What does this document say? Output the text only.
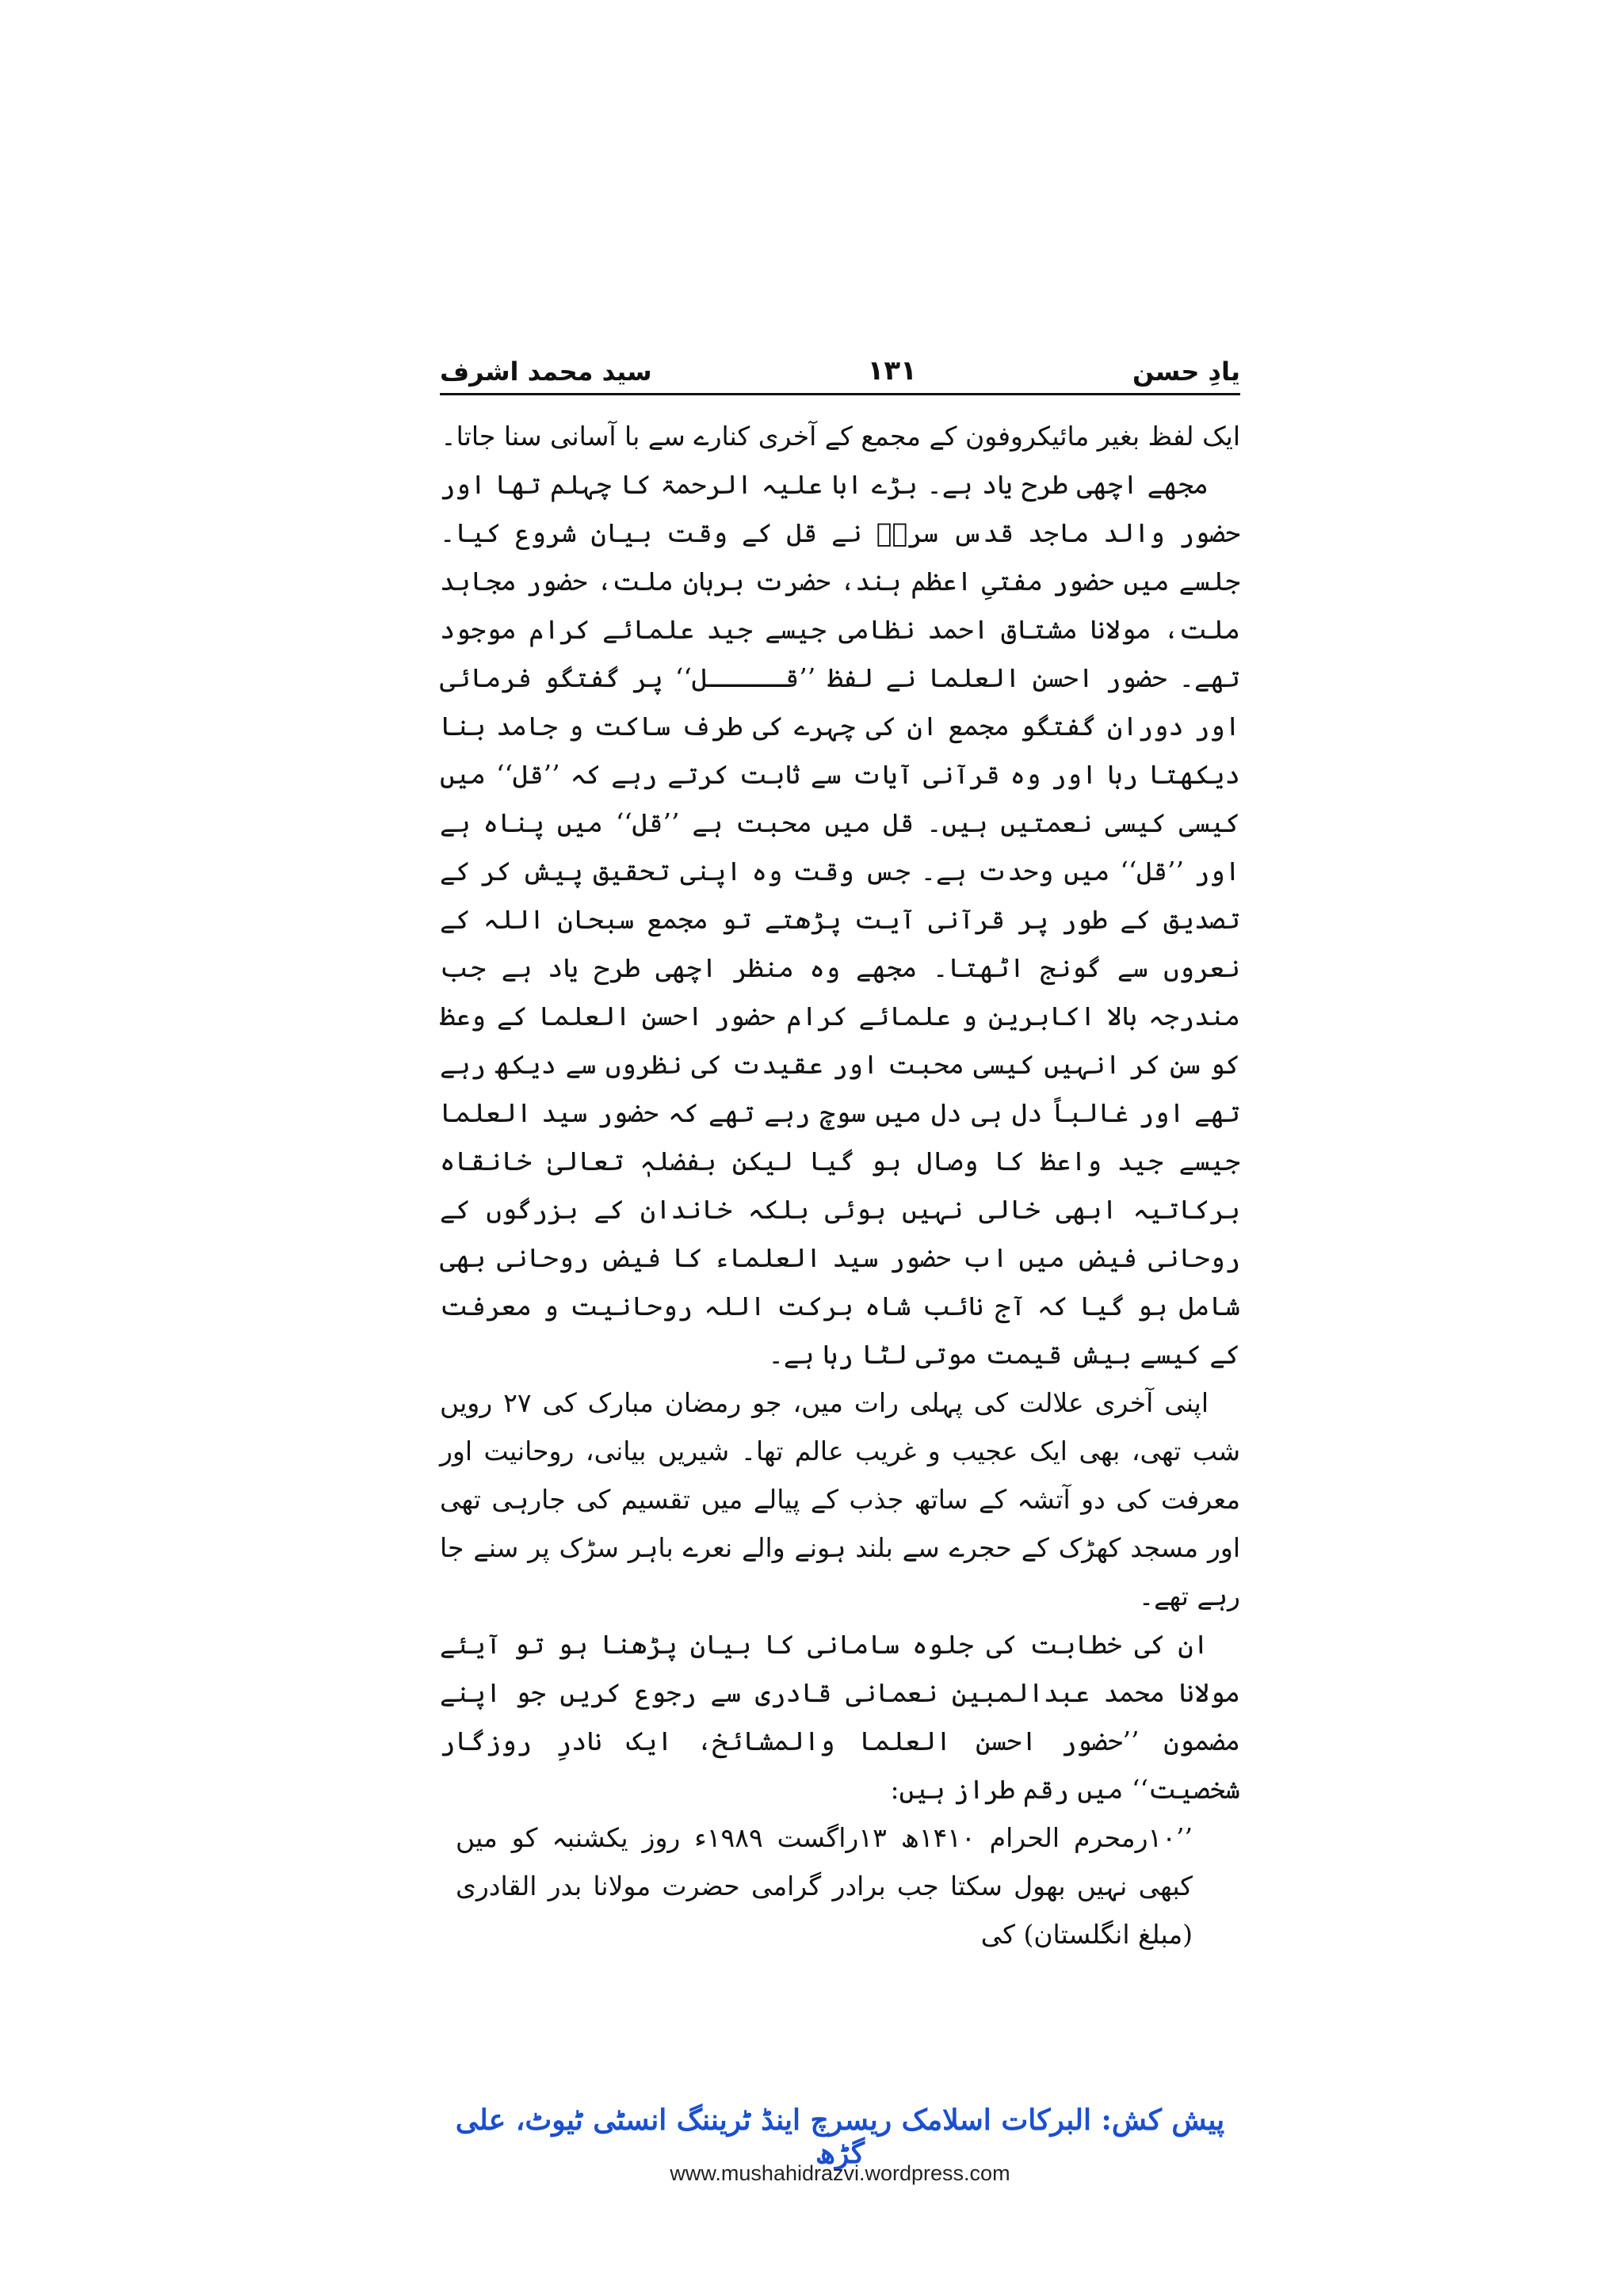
یادِ حسن
۱۳۱
سید محمد اشرف

ایک لفظ بغیر مائیکروفون کے مجمع کے آخری کنارے سے با آسانی سنا جاتا۔

مجھے اچھی طرح یاد ہے۔ بڑے ابا علیہ الرحمۃ کا چہلم تھا اور حضور والد ماجد قدس سرہٗ نے قل کے وقت بیان شروع کیا۔ جلسے میں حضور مفتیِ اعظم ہند، حضرت برہان ملت، حضور مجاہد ملت، مولانا مشتاق احمد نظامی جیسے جید علمائے کرام موجود تھے۔ حضور احسن العلما نے لفظ ’’قـــــل‘‘ پر گفتگو فرمائی اور دوران گفتگو مجمع ان کی چہرے کی طرف ساکت و جامد بنا دیکھتا رہا اور وہ قرآنی آیات سے ثابت کرتے رہے کہ ’’قل‘‘ میں کیسی کیسی نعمتیں ہیں۔ قل میں محبت ہے ’’قل‘‘ میں پناہ ہے اور ’’قل‘‘ میں وحدت ہے۔ جس وقت وہ اپنی تحقیق پیش کر کے تصدیق کے طور پر قرآنی آیت پڑھتے تو مجمع سبحان اللہ کے نعروں سے گونج اٹھتا۔ مجھے وہ منظر اچھی طرح یاد ہے جب مندرجہ بالا اکابرین و علمائے کرام حضور احسن العلما کے وعظ کو سن کر انہیں کیسی محبت اور عقیدت کی نظروں سے دیکھ رہے تھے اور غالباً دل ہی دل میں سوچ رہے تھے کہ حضور سید العلما جیسے جید واعظ کا وصال ہو گیا لیکن بفضلہٖ تعالیٰ خانقاہ برکاتیہ ابھی خالی نہیں ہوئی بلکہ خاندان کے بزرگوں کے روحانی فیض میں اب حضور سید العلماء کا فیض روحانی بھی شامل ہو گیا کہ آج نائب شاہ برکت اللہ روحانیت و معرفت کے کیسے بیش قیمت موتی لٹا رہا ہے۔

اپنی آخری علالت کی پہلی رات میں، جو رمضان مبارک کی ۲۷ رویں شب تھی، بھی ایک عجیب و غریب عالم تھا۔ شیریں بیانی، روحانیت اور معرفت کی دو آتشہ کے ساتھ جذب کے پیالے میں تقسیم کی جارہی تھی اور مسجد کھڑک کے حجرے سے بلند ہونے والے نعرے باہر سڑک پر سنے جا رہے تھے۔

ان کی خطابت کی جلوہ سامانی کا بیان پڑھنا ہو تو آیئے مولانا محمد عبدالمبین نعمانی قادری سے رجوع کریں جو اپنے مضمون ’’حضور احسن العلما والمشائخ، ایک نادرِ روزگار شخصیت‘‘ میں رقم طراز ہیں:

’’۱۰رمحرم الحرام ۱۴۱۰ھ ۱۳راگست ۱۹۸۹ء روز یکشنبہ کو میں کبھی نہیں بھول سکتا جب برادر گرامی حضرت مولانا بدر القادری (مبلغ انگلستان) کی

پیش کش: البرکات اسلامک ریسرچ اینڈ ٹریننگ انسٹی ٹیوٹ، علی گڑھ
www.mushahidrazvi.wordpress.com
